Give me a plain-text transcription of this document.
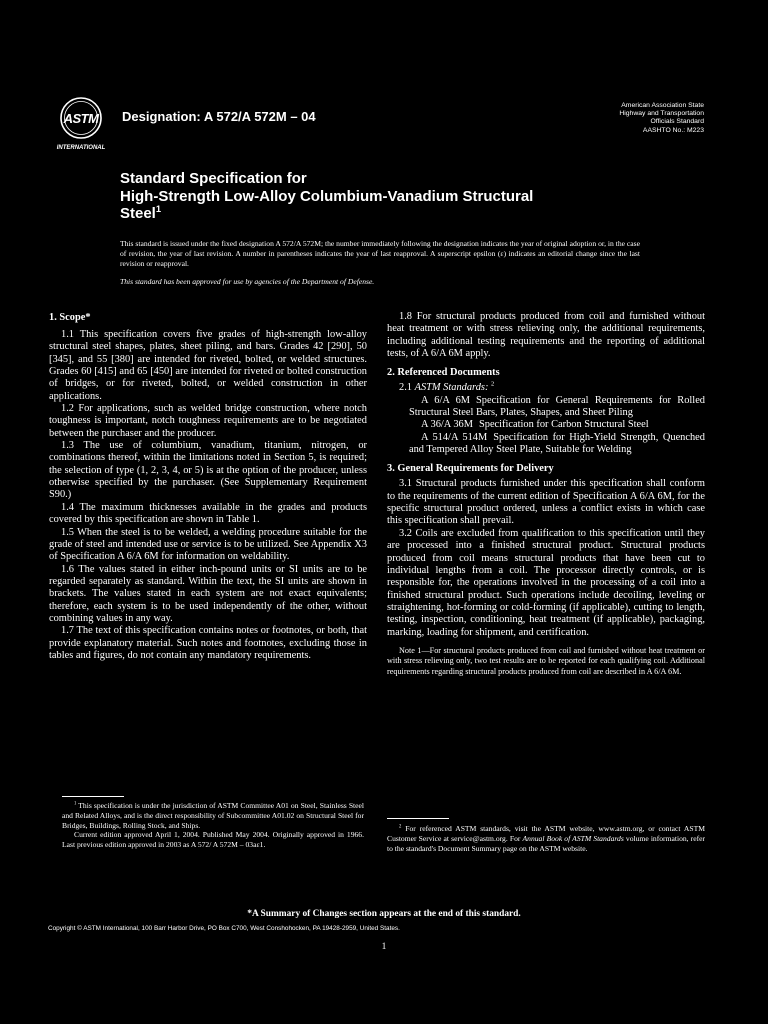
ASTM
INTERNATIONAL
Designation: A 572/A 572M – 04
American Association State
Highway and Transportation
Officials Standard
AASHTO No.: M223
Standard Specification for
High-Strength Low-Alloy Columbium-Vanadium Structural
Steel$^1$
This standard is issued under the fixed designation A 572/A 572M; the number immediately following the designation indicates the year of original adoption or, in the case of revision, the year of last revision. A number in parentheses indicates the year of last reapproval. A superscript epsilon (ε) indicates an editorial change since the last revision or reapproval.
This standard has been approved for use by agencies of the Department of Defense.
1. Scope*

1.1 This specification covers five grades of high-strength low-alloy structural steel shapes, plates, sheet piling, and bars. Grades 42 [290], 50 [345], and 55 [380] are intended for riveted, bolted, or welded structures. Grades 60 [415] and 65 [450] are intended for riveted or bolted construction of bridges, or for riveted, bolted, or welded construction in other applications.

1.2 For applications, such as welded bridge construction, where notch toughness is important, notch toughness requirements are to be negotiated between the purchaser and the producer.

1.3 The use of columbium, vanadium, titanium, nitrogen, or combinations thereof, within the limitations noted in Section 5, is required; the selection of type (1, 2, 3, 4, or 5) is at the option of the producer, unless otherwise specified by the purchaser. (See Supplementary Requirement S90.)

1.4 The maximum thicknesses available in the grades and products covered by this specification are shown in Table 1.

1.5 When the steel is to be welded, a welding procedure suitable for the grade of steel and intended use or service is to be utilized. See Appendix X3 of Specification A 6/A 6M for information on weldability.

1.6 The values stated in either inch-pound units or SI units are to be regarded separately as standard. Within the text, the SI units are shown in brackets. The values stated in each system are not exact equivalents; therefore, each system is to be used independently of the other, without combining values in any way.

1.7 The text of this specification contains notes or footnotes, or both, that provide explanatory material. Such notes and footnotes, excluding those in tables and figures, do not contain any mandatory requirements.

1.8 For structural products produced from coil and furnished without heat treatment or with stress relieving only, the additional requirements, including additional testing requirements and the reporting of additional tests, of A 6/A 6M apply.

2. Referenced Documents

2.1 ASTM Standards: $^2$

A 6/A 6M Specification for General Requirements for Rolled Structural Steel Bars, Plates, Shapes, and Sheet Piling

A 36/A 36M Specification for Carbon Structural Steel

A 514/A 514M Specification for High-Yield Strength, Quenched and Tempered Alloy Steel Plate, Suitable for Welding

3. General Requirements for Delivery

3.1 Structural products furnished under this specification shall conform to the requirements of the current edition of Specification A 6/A 6M, for the specific structural product ordered, unless a conflict exists in which case this specification shall prevail.

3.2 Coils are excluded from qualification to this specification until they are processed into a finished structural product. Structural products produced from coil means structural products that have been cut to individual lengths from a coil. The processor directly controls, or is responsible for, the operations involved in the processing of a coil into a finished structural product. Such operations include decoiling, leveling or straightening, hot-forming or cold-forming (if applicable), cutting to length, testing, inspection, conditioning, heat treatment (if applicable), packaging, marking, loading for shipment, and certification.

Note 1—For structural products produced from coil and furnished without heat treatment or with stress relieving only, two test results are to be reported for each qualifying coil. Additional requirements regarding structural products produced from coil are described in A 6/A 6M.

$^1$ This specification is under the jurisdiction of ASTM Committee A01 on Steel, Stainless Steel and Related Alloys, and is the direct responsibility of Subcommittee A01.02 on Structural Steel for Bridges, Buildings, Rolling Stock, and Ships.

Current edition approved April 1, 2004. Published May 2004. Originally approved in 1966. Last previous edition approved in 2003 as A 572/ A 572M – 03aε1.

$^2$ For referenced ASTM standards, visit the ASTM website, www.astm.org, or contact ASTM Customer Service at service@astm.org. For Annual Book of ASTM Standards volume information, refer to the standard's Document Summary page on the ASTM website.

*A Summary of Changes section appears at the end of this standard.
Copyright © ASTM International, 100 Barr Harbor Drive, PO Box C700, West Conshohocken, PA 19428-2959, United States.
1
